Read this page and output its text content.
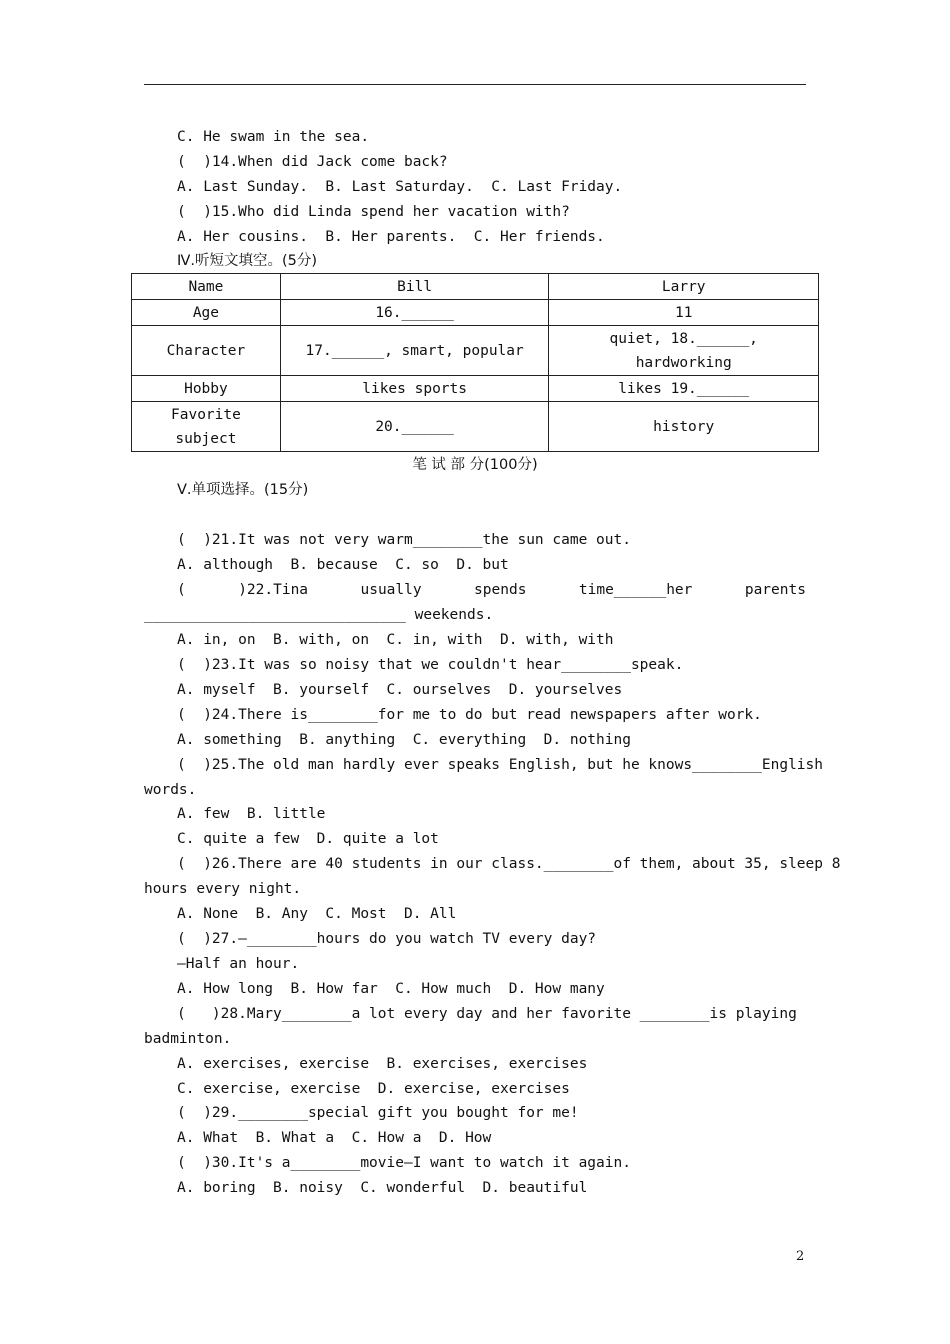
C. He swam in the sea.
(  )14.When did Jack come back?
A. Last Sunday.  B. Last Saturday.  C. Last Friday.
(  )15.Who did Linda spend her vacation with?
A. Her cousins.  B. Her parents.  C. Her friends.
Ⅳ.听短文填空。(5分)
Name	Bill	Larry
Age	16.______	11
Character	17.______, smart, popular	quiet, 18.______,
hardworking
Hobby	likes sports	likes 19.______
Favorite
subject	20.______	history
笔 试 部 分(100分)
Ⅴ.单项选择。(15分)
(  )21.It was not very warm________the sun came out.
A. although  B. because  C. so  D. but
(	)22.Tina	usually	spends	time______her	parents
______________________________ weekends.
A. in, on  B. with, on  C. in, with  D. with, with
(  )23.It was so noisy that we couldn't hear________speak.
A. myself  B. yourself  C. ourselves  D. yourselves
(  )24.There is________for me to do but read newspapers after work.
A. something  B. anything  C. everything  D. nothing
(  )25.The old man hardly ever speaks English, but he knows________English
words.
A. few  B. little
C. quite a few  D. quite a lot
(  )26.There are 40 students in our class.________of them, about 35, sleep 8
hours every night.
A. None  B. Any  C. Most  D. All
(  )27.—________hours do you watch TV every day?
—Half an hour.
A. How long  B. How far  C. How much  D. How many
(   )28.Mary________a lot every day and her favorite ________is playing
badminton.
A. exercises, exercise  B. exercises, exercises
C. exercise, exercise  D. exercise, exercises
(  )29.________special gift you bought for me!
A. What  B. What a  C. How a  D. How
(  )30.It's a________movie—I want to watch it again.
A. boring  B. noisy  C. wonderful  D. beautiful
2
